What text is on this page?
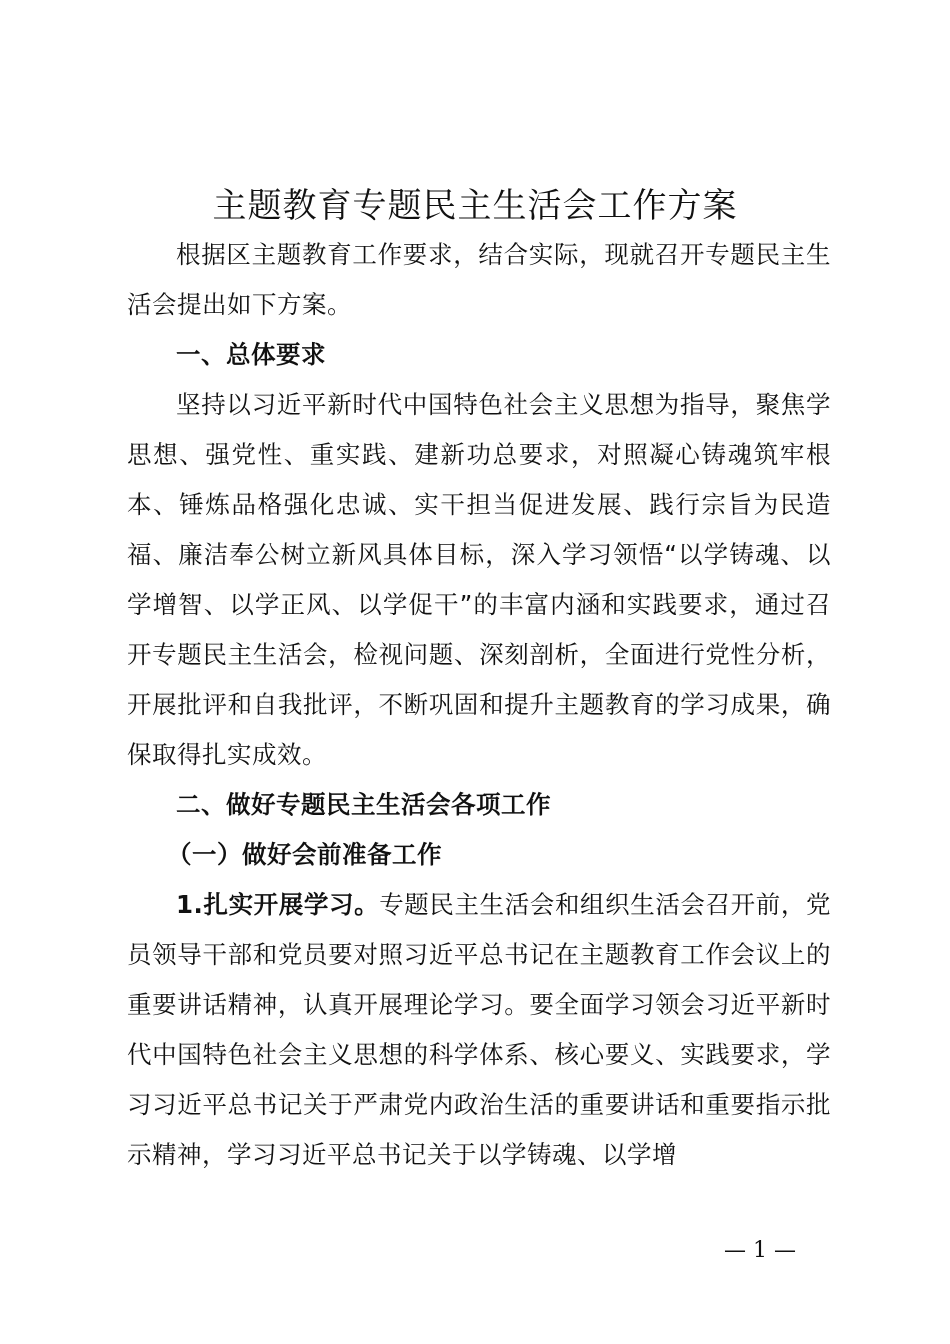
主题教育专题民主生活会工作方案

根据区主题教育工作要求，结合实际，现就召开专题民主生活会提出如下方案。

一、总体要求

坚持以习近平新时代中国特色社会主义思想为指导，聚焦学思想、强党性、重实践、建新功总要求，对照凝心铸魂筑牢根本、锤炼品格强化忠诚、实干担当促进发展、践行宗旨为民造福、廉洁奉公树立新风具体目标，深入学习领悟“以学铸魂、以学增智、以学正风、以学促干”的丰富内涵和实践要求，通过召开专题民主生活会，检视问题、深刻剖析，全面进行党性分析，开展批评和自我批评，不断巩固和提升主题教育的学习成果，确保取得扎实成效。

二、做好专题民主生活会各项工作

（一）做好会前准备工作

1.扎实开展学习。专题民主生活会和组织生活会召开前，党员领导干部和党员要对照习近平总书记在主题教育工作会议上的重要讲话精神，认真开展理论学习。要全面学习领会习近平新时代中国特色社会主义思想的科学体系、核心要义、实践要求，学习习近平总书记关于严肃党内政治生活的重要讲话和重要指示批示精神，学习习近平总书记关于以学铸魂、以学增

— 1 —
